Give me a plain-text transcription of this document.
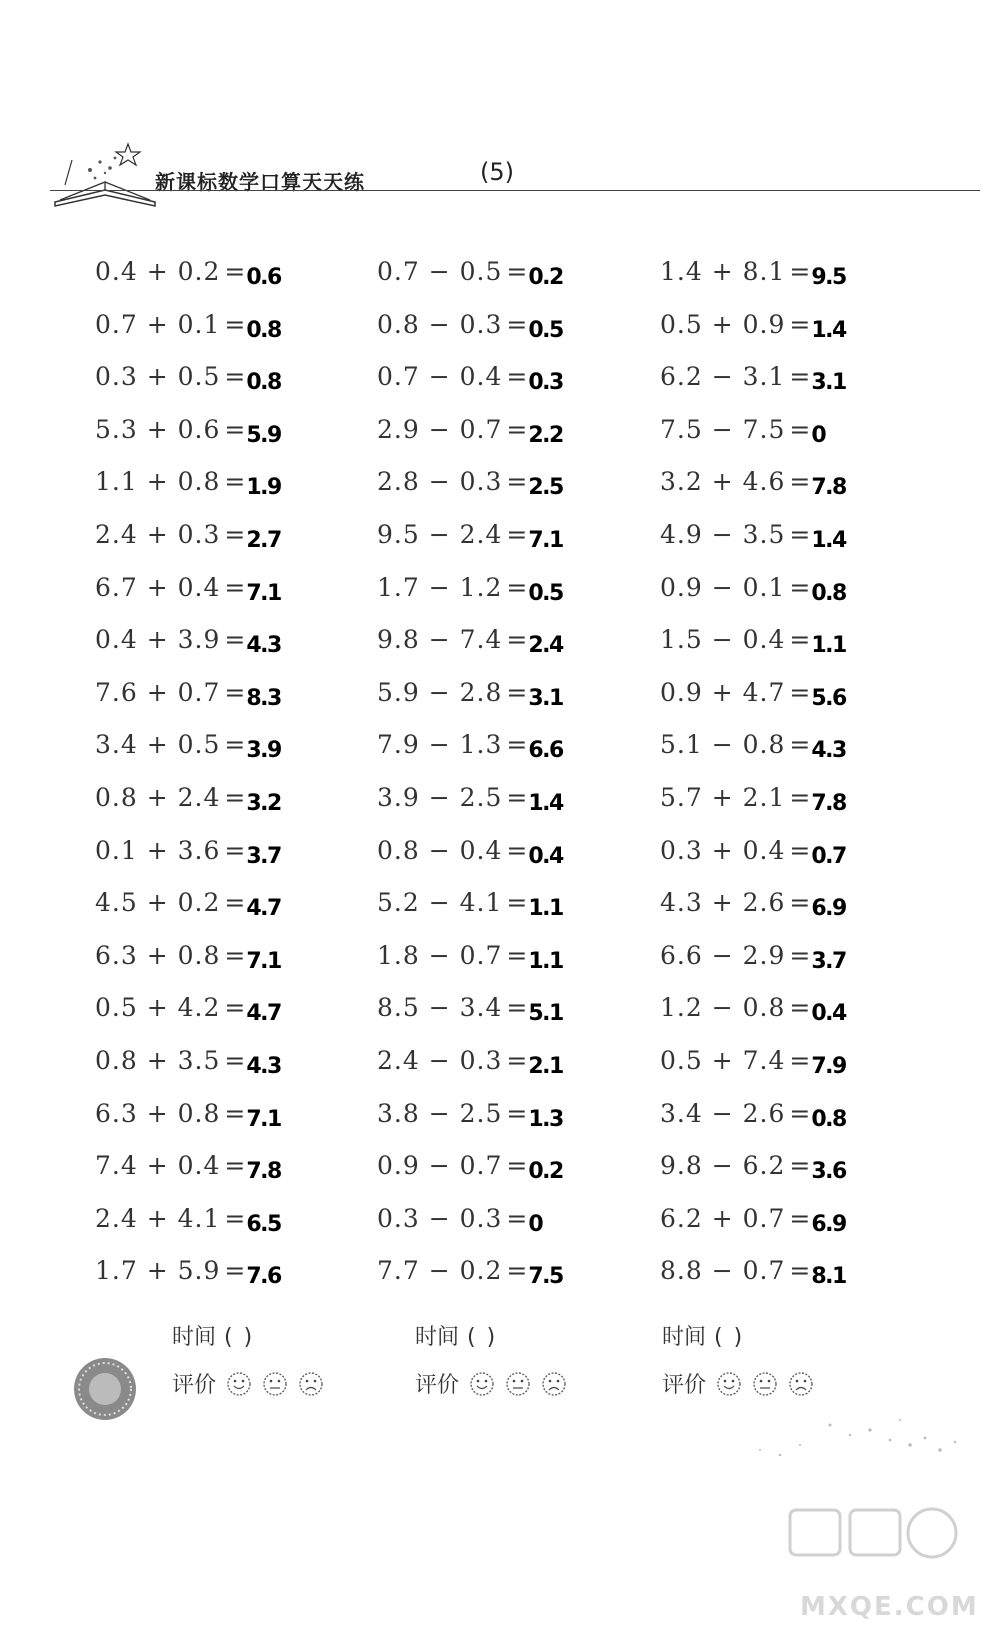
新课标数学口算天天练	(5)
0.4 + 0.2 = 0.6
0.7 + 0.1 = 0.8
0.3 + 0.5 = 0.8
5.3 + 0.6 = 5.9
1.1 + 0.8 = 1.9
2.4 + 0.3 = 2.7
6.7 + 0.4 = 7.1
0.4 + 3.9 = 4.3
7.6 + 0.7 = 8.3
3.4 + 0.5 = 3.9
0.8 + 2.4 = 3.2
0.1 + 3.6 = 3.7
4.5 + 0.2 = 4.7
6.3 + 0.8 = 7.1
0.5 + 4.2 = 4.7
0.8 + 3.5 = 4.3
6.3 + 0.8 = 7.1
7.4 + 0.4 = 7.8
2.4 + 4.1 = 6.5
1.7 + 5.9 = 7.6
0.7 − 0.5 = 0.2
0.8 − 0.3 = 0.5
0.7 − 0.4 = 0.3
2.9 − 0.7 = 2.2
2.8 − 0.3 = 2.5
9.5 − 2.4 = 7.1
1.7 − 1.2 = 0.5
9.8 − 7.4 = 2.4
5.9 − 2.8 = 3.1
7.9 − 1.3 = 6.6
3.9 − 2.5 = 1.4
0.8 − 0.4 = 0.4
5.2 − 4.1 = 1.1
1.8 − 0.7 = 1.1
8.5 − 3.4 = 5.1
2.4 − 0.3 = 2.1
3.8 − 2.5 = 1.3
0.9 − 0.7 = 0.2
0.3 − 0.3 = 0
7.7 − 0.2 = 7.5
1.4 + 8.1 = 9.5
0.5 + 0.9 = 1.4
6.2 − 3.1 = 3.1
7.5 − 7.5 = 0
3.2 + 4.6 = 7.8
4.9 − 3.5 = 1.4
0.9 − 0.1 = 0.8
1.5 − 0.4 = 1.1
0.9 + 4.7 = 5.6
5.1 − 0.8 = 4.3
5.7 + 2.1 = 7.8
0.3 + 0.4 = 0.7
4.3 + 2.6 = 6.9
6.6 − 2.9 = 3.7
1.2 − 0.8 = 0.4
0.5 + 7.4 = 7.9
3.4 − 2.6 = 0.8
9.8 − 6.2 = 3.6
6.2 + 0.7 = 6.9
8.8 − 0.7 = 8.1
时间 ( )
评价
时间 ( )
评价
时间 ( )
评价
MXQE.COM
